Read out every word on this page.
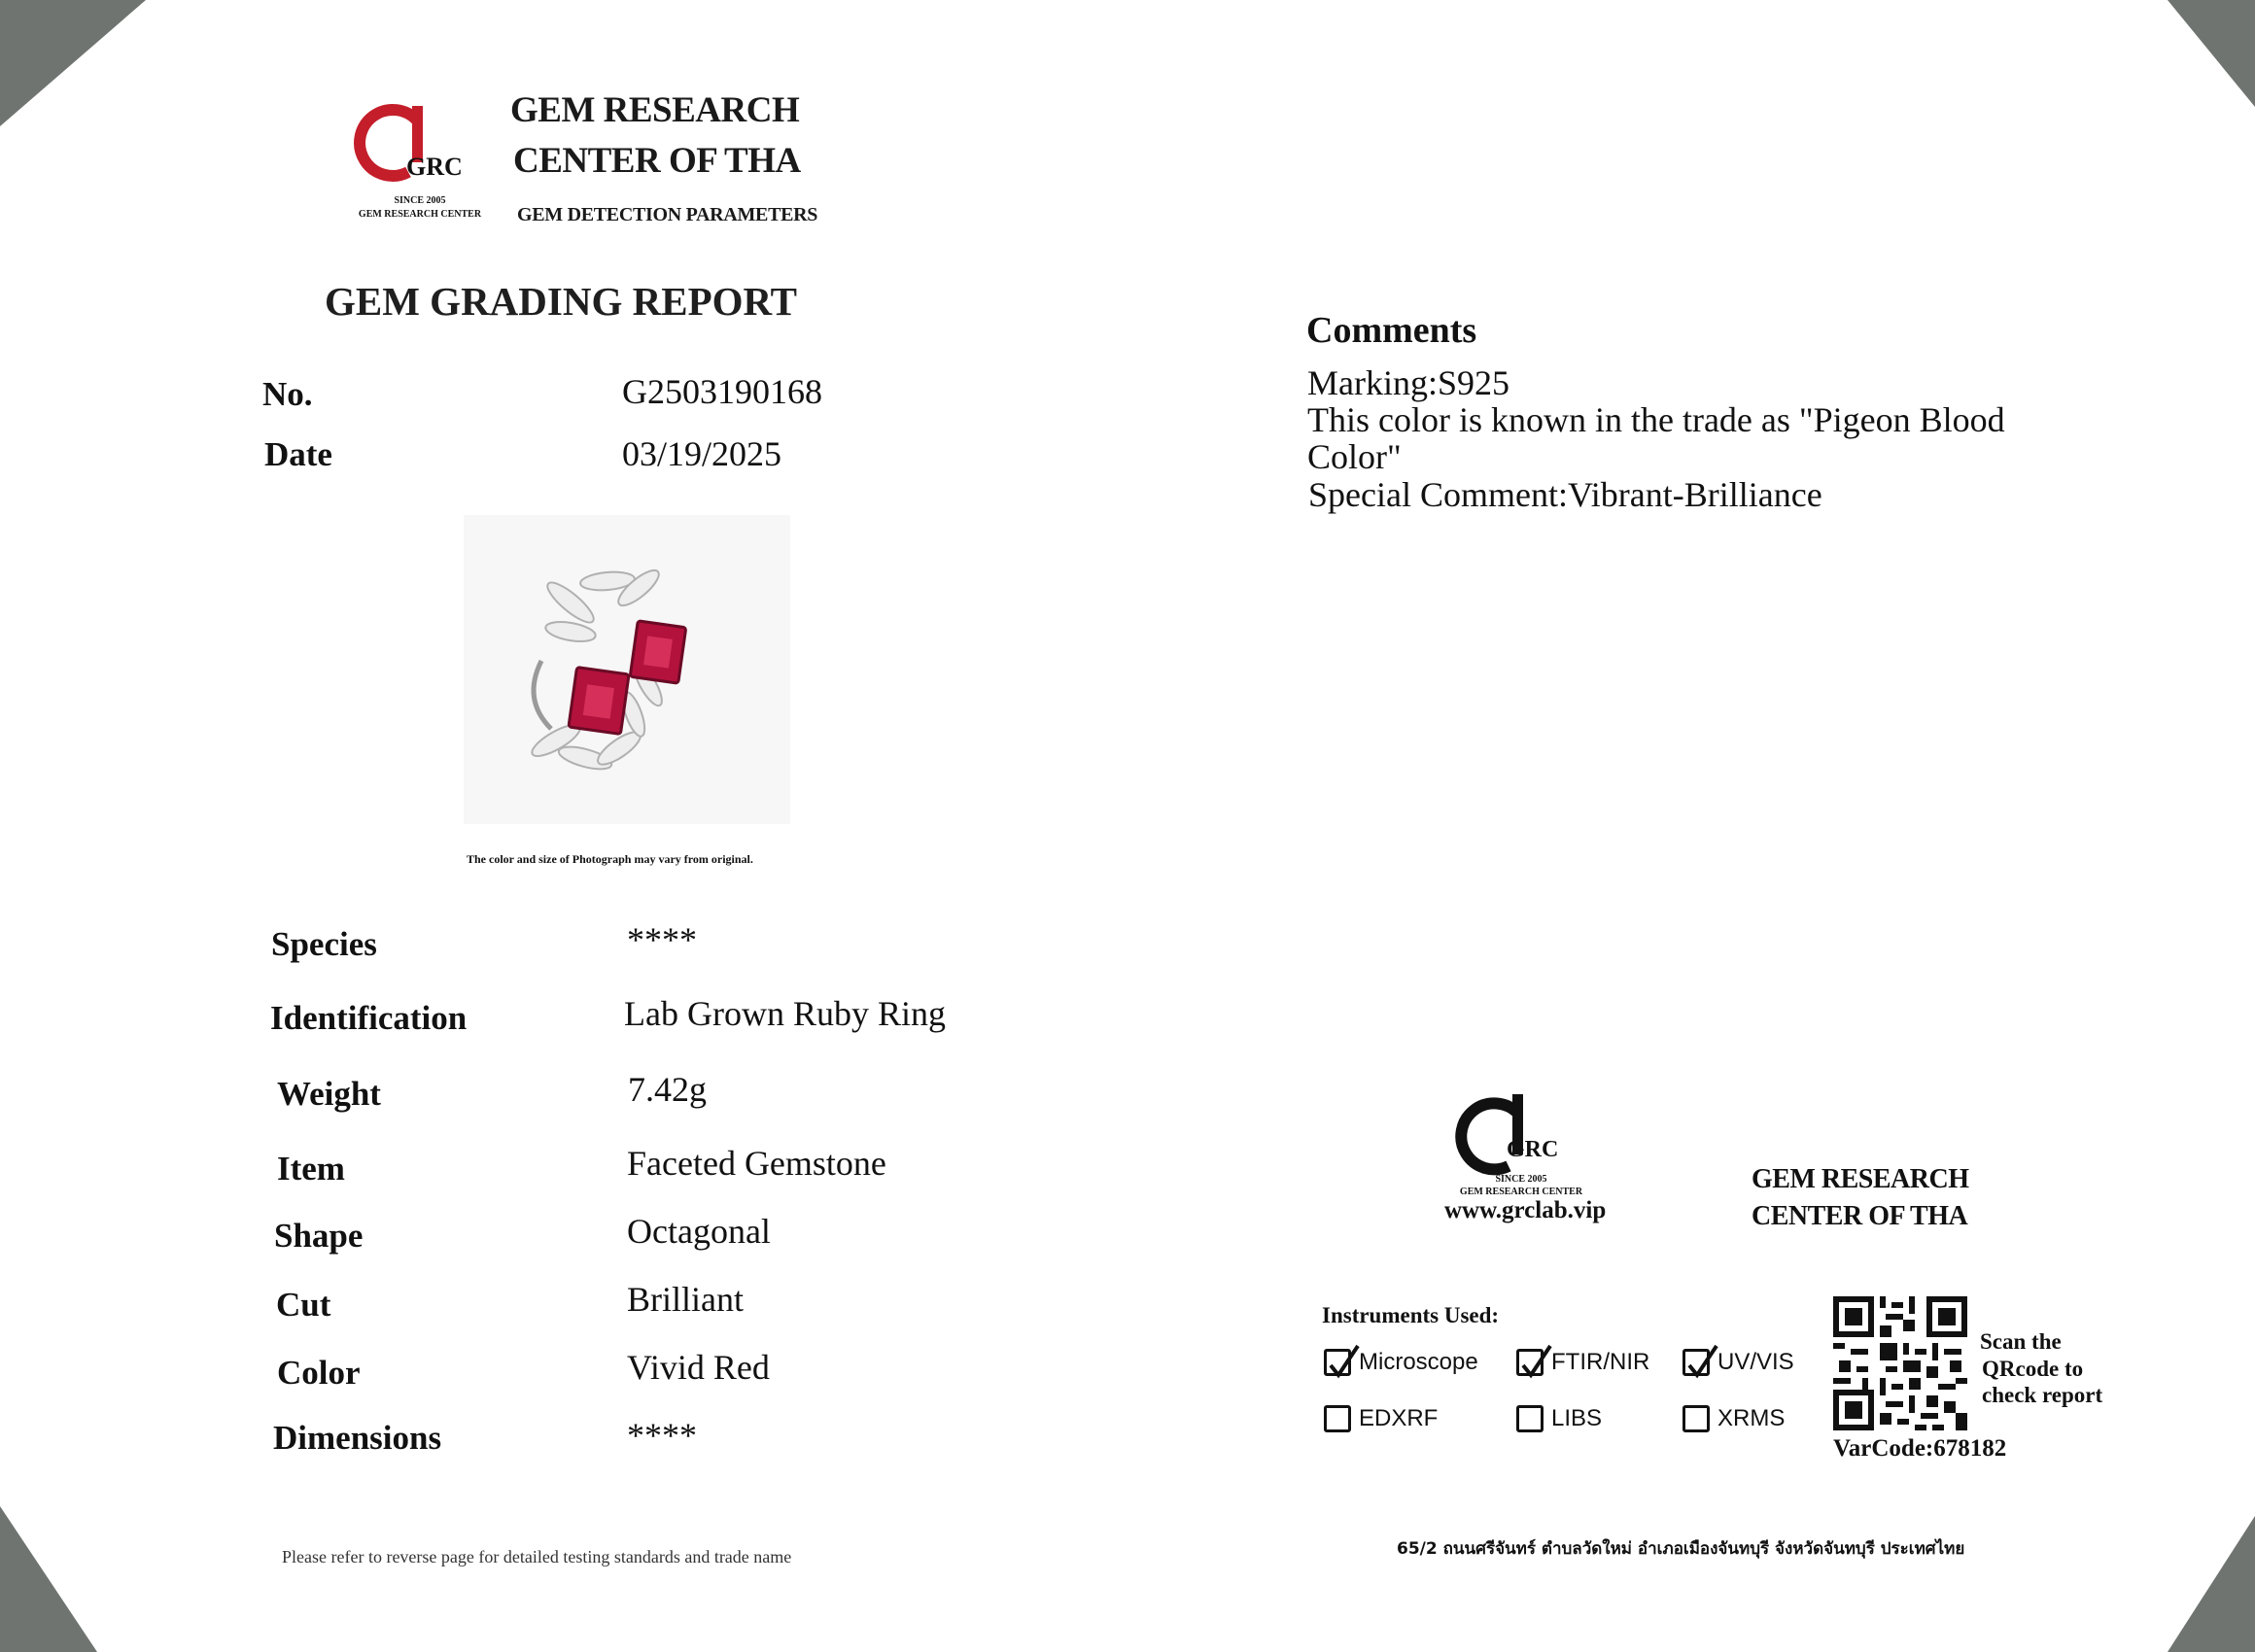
GRC
SINCE 2005
GEM RESEARCH CENTER
GEM RESEARCH
CENTER OF THA
GEM DETECTION PARAMETERS
GEM GRADING REPORT
No.	G2503190168
Date	03/19/2025
The color and size of Photograph may vary from original.
Species	****
Identification	Lab Grown Ruby Ring
Weight	7.42g
Item	Faceted Gemstone
Shape	Octagonal
Cut	Brilliant
Color	Vivid Red
Dimensions	****
Comments
Marking:S925
This color is known in the trade as "Pigeon Blood
Color"
Special Comment:Vibrant-Brilliance
GRC
SINCE 2005
GEM RESEARCH CENTER
www.grclab.vip
GEM RESEARCH
CENTER OF THA
Instruments Used:
Microscope	FTIR/NIR	UV/VIS
EDXRF	LIBS	XRMS
Scan the
QRcode to
check report
VarCode:678182
Please refer to reverse page for detailed testing standards and trade name	65/2 ถนนศรีจันทร์ ตำบลวัดใหม่ อำเภอเมืองจันทบุรี จังหวัดจันทบุรี ประเทศไทย
